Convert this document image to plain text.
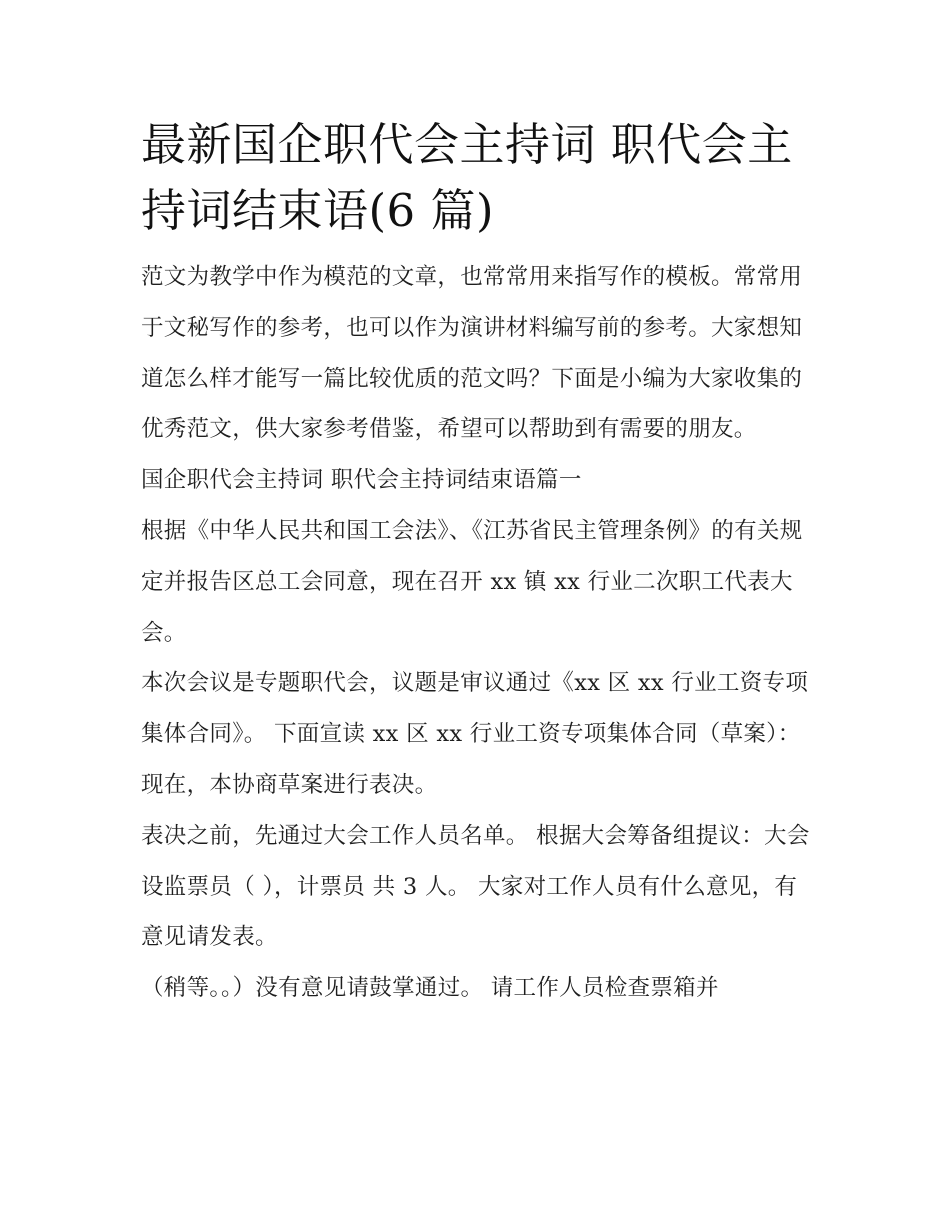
最新国企职代会主持词 职代会主持词结束语(6 篇)

范文为教学中作为模范的文章，也常常用来指写作的模板。常常用于文秘写作的参考，也可以作为演讲材料编写前的参考。大家想知道怎么样才能写一篇比较优质的范文吗？下面是小编为大家收集的优秀范文，供大家参考借鉴，希望可以帮助到有需要的朋友。

国企职代会主持词 职代会主持词结束语篇一

根据《中华人民共和国工会法》、《江苏省民主管理条例》的有关规定并报告区总工会同意，现在召开 xx 镇 xx 行业二次职工代表大会。

本次会议是专题职代会，议题是审议通过《xx 区 xx 行业工资专项集体合同》。 下面宣读 xx 区 xx 行业工资专项集体合同（草案）： 现在，本协商草案进行表决。

表决之前，先通过大会工作人员名单。 根据大会筹备组提议：大会设监票员（ ），计票员 共 3 人。 大家对工作人员有什么意见，有意见请发表。

（稍等。。）没有意见请鼓掌通过。 请工作人员检查票箱并
